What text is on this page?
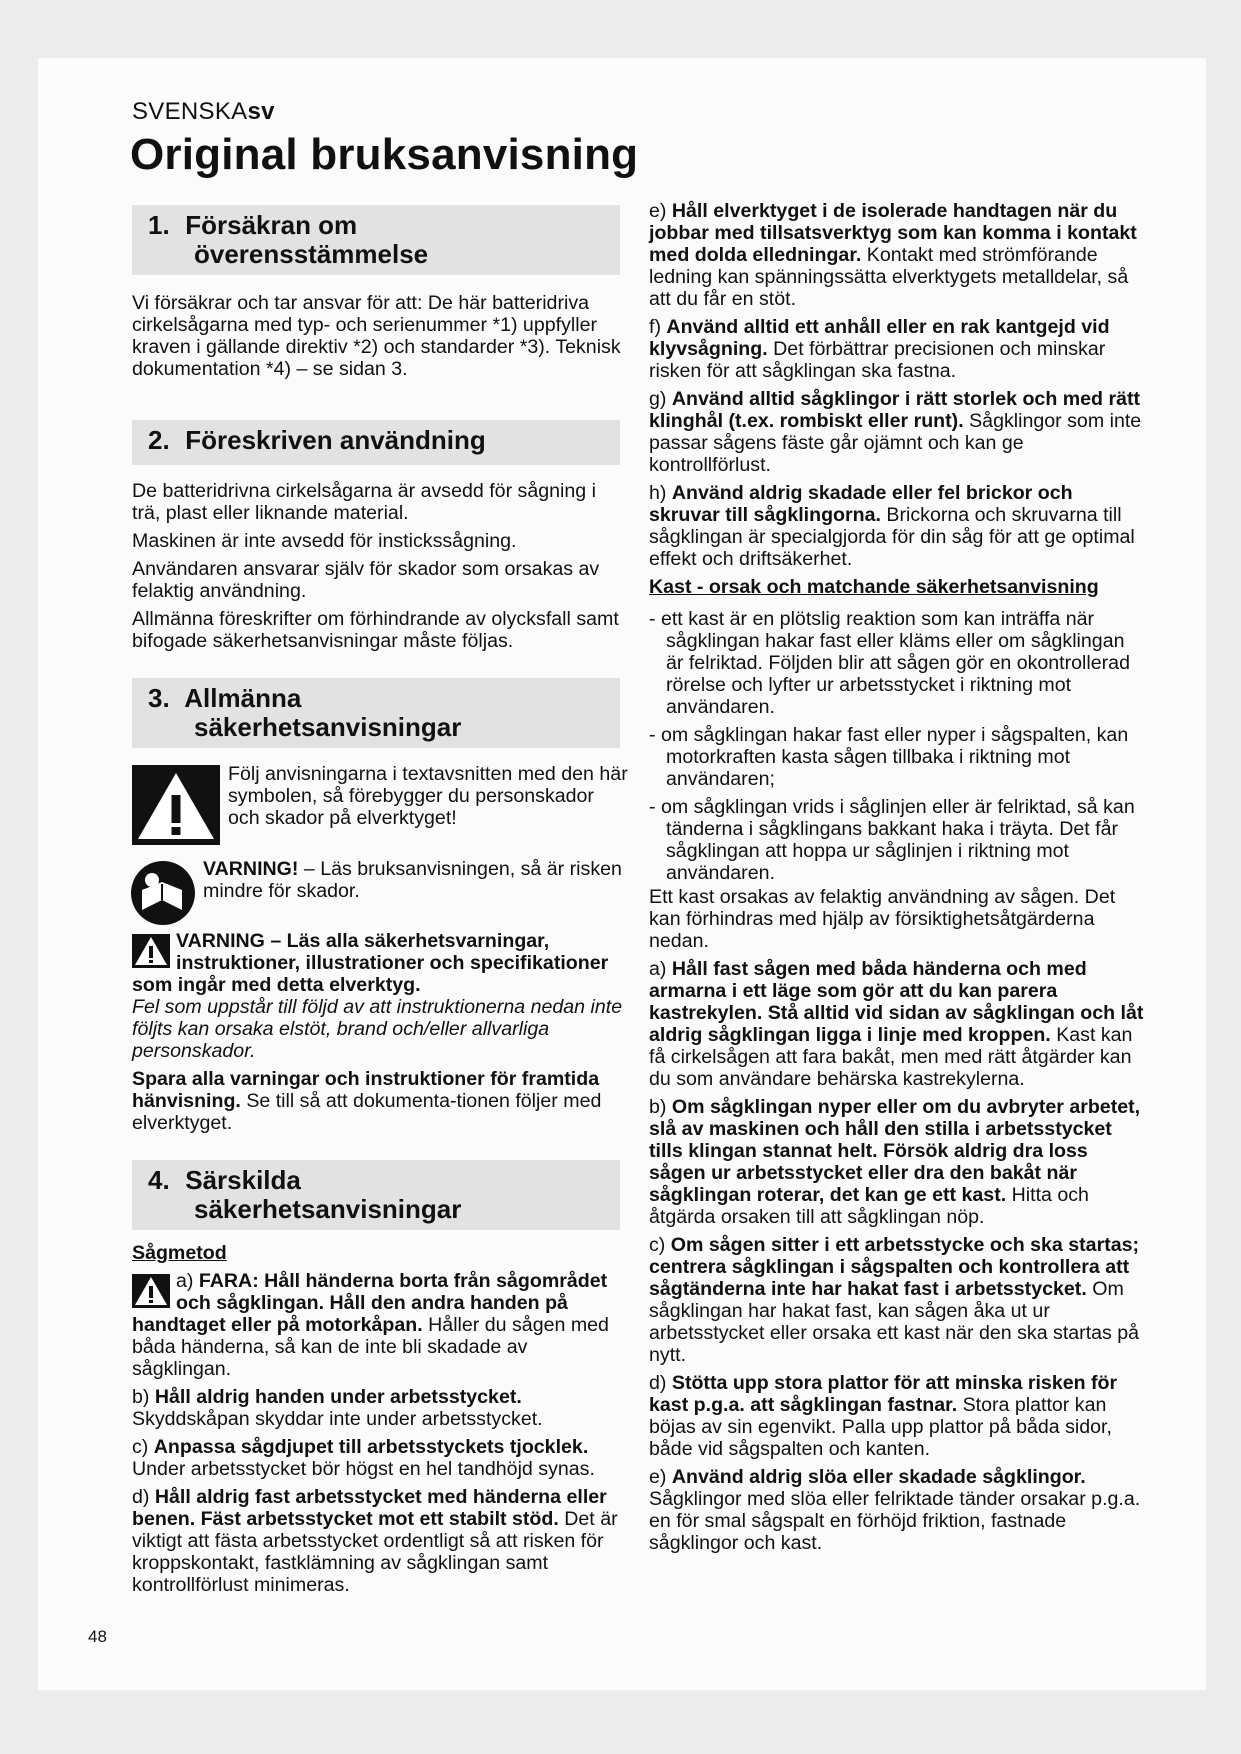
SVENSKAsv
Original bruksanvisning
1. Försäkran om
överensstämmelse

Vi försäkrar och tar ansvar för att: De här batteridriva cirkelsågarna med typ- och serienummer *1) uppfyller kraven i gällande direktiv *2) och standarder *3). Teknisk dokumentation *4) – se sidan 3.

2. Föreskriven användning

De batteridrivna cirkelsågarna är avsedd för sågning i trä, plast eller liknande material.

Maskinen är inte avsedd för instickssågning.

Användaren ansvarar själv för skador som orsakas av felaktig användning.

Allmänna föreskrifter om förhindrande av olycksfall samt bifogade säkerhetsanvisningar måste följas.

3. Allmänna
säkerhetsanvisningar
Följ anvisningarna i textavsnitten med den här symbolen, så förebygger du personskador och skador på elverktyget!
VARNING! – Läs bruksanvisningen, så är risken mindre för skador.

VARNING – Läs alla säkerhetsvarningar, instruktioner, illustrationer och specifikationer som ingår med detta elverktyg.

Fel som uppstår till följd av att instruktionerna nedan inte följts kan orsaka elstöt, brand och/eller allvarliga personskador.

Spara alla varningar och instruktioner för framtida hänvisning. Se till så att dokumenta-tionen följer med elverktyget.

4. Särskilda
säkerhetsanvisningar

Sågmetod

a) FARA: Håll händerna borta från sågområdet och sågklingan. Håll den andra handen på handtaget eller på motorkåpan. Håller du sågen med båda händerna, så kan de inte bli skadade av sågklingan.

b) Håll aldrig handen under arbetsstycket. Skyddskåpan skyddar inte under arbetsstycket.

c) Anpassa sågdjupet till arbetsstyckets tjocklek. Under arbetsstycket bör högst en hel tandhöjd synas.

d) Håll aldrig fast arbetsstycket med händerna eller benen. Fäst arbetsstycket mot ett stabilt stöd. Det är viktigt att fästa arbetsstycket ordentligt så att risken för kroppskontakt, fastklämning av sågklingan samt kontrollförlust minimeras.

e) Håll elverktyget i de isolerade handtagen när du jobbar med tillsatsverktyg som kan komma i kontakt med dolda elledningar. Kontakt med strömförande ledning kan spänningssätta elverktygets metalldelar, så att du får en stöt.

f) Använd alltid ett anhåll eller en rak kantgejd vid klyvsågning. Det förbättrar precisionen och minskar risken för att sågklingan ska fastna.

g) Använd alltid sågklingor i rätt storlek och med rätt klinghål (t.ex. rombiskt eller runt). Sågklingor som inte passar sågens fäste går ojämnt och kan ge kontrollförlust.

h) Använd aldrig skadade eller fel brickor och skruvar till sågklingorna. Brickorna och skruvarna till sågklingan är specialgjorda för din såg för att ge optimal effekt och driftsäkerhet.

Kast - orsak och matchande säkerhetsanvisning

- ett kast är en plötslig reaktion som kan inträffa när sågklingan hakar fast eller kläms eller om sågklingan är felriktad. Följden blir att sågen gör en okontrollerad rörelse och lyfter ur arbetsstycket i riktning mot användaren.

- om sågklingan hakar fast eller nyper i sågspalten, kan motorkraften kasta sågen tillbaka i riktning mot användaren;

- om sågklingan vrids i såglinjen eller är felriktad, så kan tänderna i sågklingans bakkant haka i träyta. Det får sågklingan att hoppa ur såglinjen i riktning mot användaren.

Ett kast orsakas av felaktig användning av sågen. Det kan förhindras med hjälp av försiktighetsåtgärderna nedan.

a) Håll fast sågen med båda händerna och med armarna i ett läge som gör att du kan parera kastrekylen. Stå alltid vid sidan av sågklingan och låt aldrig sågklingan ligga i linje med kroppen. Kast kan få cirkelsågen att fara bakåt, men med rätt åtgärder kan du som användare behärska kastrekylerna.

b) Om sågklingan nyper eller om du avbryter arbetet, slå av maskinen och håll den stilla i arbetsstycket tills klingan stannat helt. Försök aldrig dra loss sågen ur arbetsstycket eller dra den bakåt när sågklingan roterar, det kan ge ett kast. Hitta och åtgärda orsaken till att sågklingan nöp.

c) Om sågen sitter i ett arbetsstycke och ska startas; centrera sågklingan i sågspalten och kontrollera att sågtänderna inte har hakat fast i arbetsstycket. Om sågklingan har hakat fast, kan sågen åka ut ur arbetsstycket eller orsaka ett kast när den ska startas på nytt.

d) Stötta upp stora plattor för att minska risken för kast p.g.a. att sågklingan fastnar. Stora plattor kan böjas av sin egenvikt. Palla upp plattor på båda sidor, både vid sågspalten och kanten.

e) Använd aldrig slöa eller skadade sågklingor. Sågklingor med slöa eller felriktade tänder orsakar p.g.a. en för smal sågspalt en förhöjd friktion, fastnade sågklingor och kast.

48
